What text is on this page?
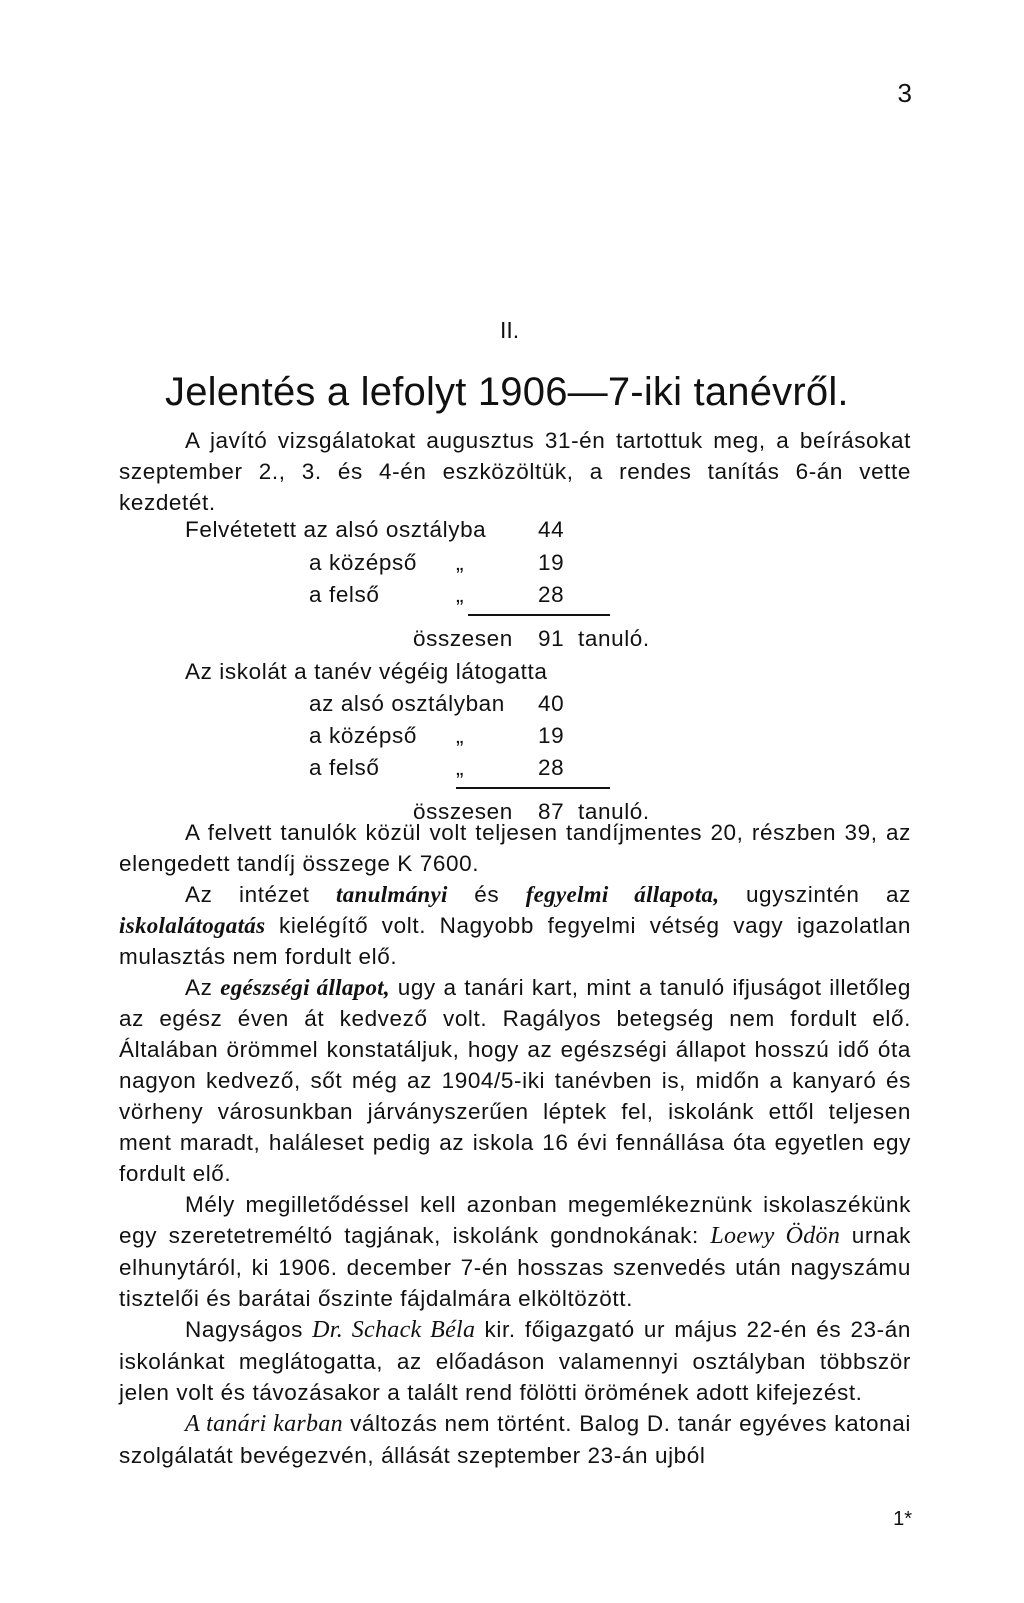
3
II.
Jelentés a lefolyt 1906—7-iki tanévről.

A javító vizsgálatokat augusztus 31-én tartottuk meg, a beírásokat szeptember 2., 3. és 4-én eszközöltük, a rendes tanítás 6-án vette kezdetét.

Felvétetett az alsó osztályba 44
a középső „	19
a felső	„	28
összesen 91 tanuló.
Az iskolát a tanév végéig látogatta
az alsó osztályban 40
a középső „	19
a felső	„	28
összesen 87 tanuló.

A felvett tanulók közül volt teljesen tandíjmentes 20, részben 39, az elengedett tandíj összege K 7600.

Az intézet tanulmányi és fegyelmi állapota, ugyszintén az iskolalátogatás kielégítő volt. Nagyobb fegyelmi vétség vagy igazolatlan mulasztás nem fordult elő.

Az egészségi állapot, ugy a tanári kart, mint a tanuló ifjuságot illetőleg az egész éven át kedvező volt. Ragályos betegség nem fordult elő. Általában örömmel konstatáljuk, hogy az egészségi állapot hosszú idő óta nagyon kedvező, sőt még az 1904/5-iki tanévben is, midőn a kanyaró és vörheny városunkban járványszerűen léptek fel, iskolánk ettől teljesen ment maradt, haláleset pedig az iskola 16 évi fennállása óta egyetlen egy fordult elő.

Mély megilletődéssel kell azonban megemlékeznünk iskolaszékünk egy szeretetreméltó tagjának, iskolánk gondnokának: Loewy Ödön urnak elhunytáról, ki 1906. december 7-én hosszas szenvedés után nagyszámu tisztelői és barátai őszinte fájdalmára elköltözött.

Nagyságos Dr. Schack Béla kir. főigazgató ur május 22-én és 23-án iskolánkat meglátogatta, az előadáson valamennyi osztályban többször jelen volt és távozásakor a talált rend fölötti örömének adott kifejezést.

A tanári karban változás nem történt. Balog D. tanár egyéves katonai szolgálatát bevégezvén, állását szeptember 23-án ujból

1*
